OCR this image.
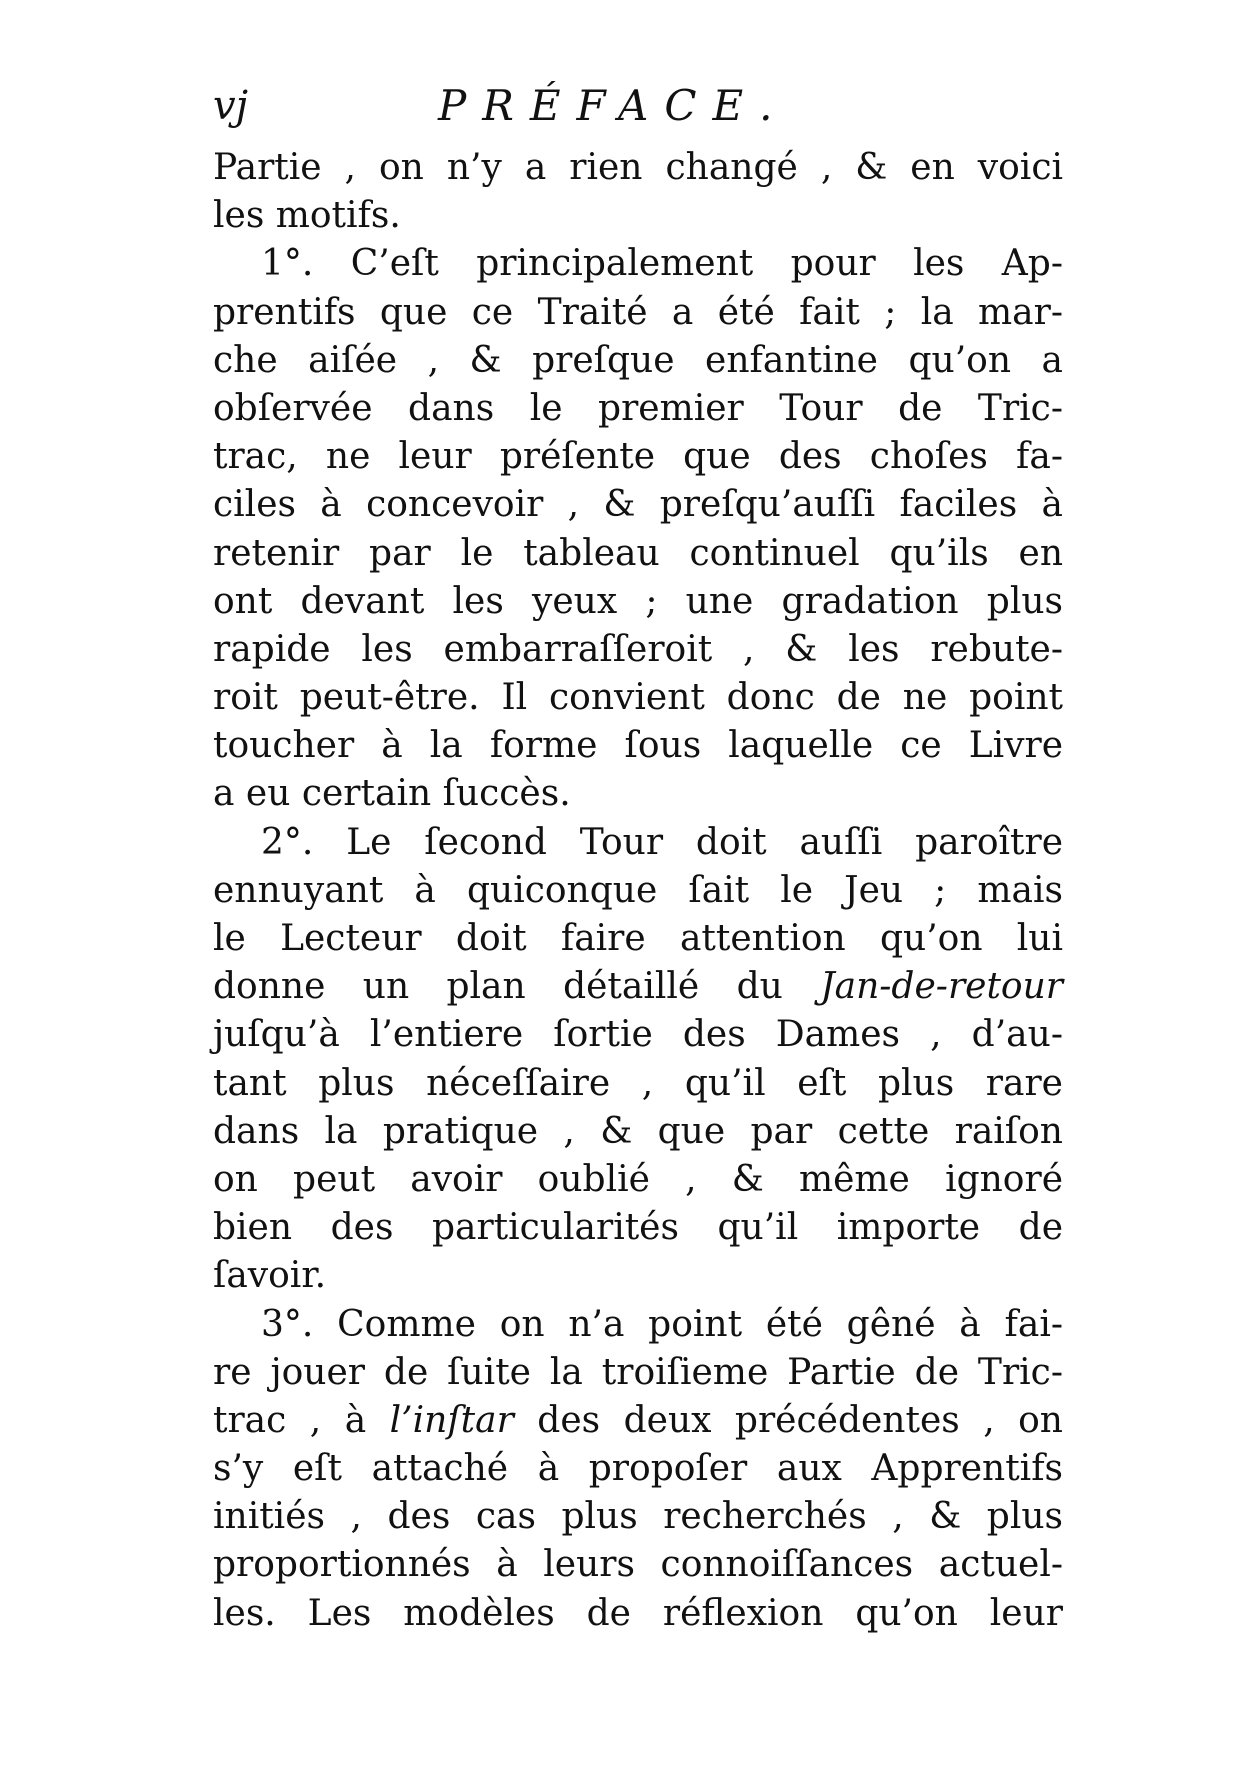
vj	PRÉFACE.
Partie , on n’y a rien changé , & en voici
les motifs.
1°. C’eſt principalement pour les Ap-
prentifs que ce Traité a été fait ; la mar-
che aiſée , & preſque enfantine qu’on a
obſervée dans le premier Tour de Tric-
trac, ne leur préſente que des choſes fa-
ciles à concevoir , & preſqu’auſſi faciles à
retenir par le tableau continuel qu’ils en
ont devant les yeux ; une gradation plus
rapide les embarraſſeroit , & les rebute-
roit peut-être. Il convient donc de ne point
toucher à la forme ſous laquelle ce Livre
a eu certain ſuccès.
2°. Le ſecond Tour doit auſſi paroître
ennuyant à quiconque ſait le Jeu ; mais
le Lecteur doit faire attention qu’on lui
donne un plan détaillé du Jan-de-retour
juſqu’à l’entiere ſortie des Dames , d’au-
tant plus néceſſaire , qu’il eſt plus rare
dans la pratique , & que par cette raiſon
on peut avoir oublié , & même ignoré
bien des particularités qu’il importe de
ſavoir.
3°. Comme on n’a point été gêné à fai-
re jouer de ſuite la troiſieme Partie de Tric-
trac , à l’inſtar des deux précédentes , on
s’y eſt attaché à propoſer aux Apprentifs
initiés , des cas plus recherchés , & plus
proportionnés à leurs connoiſſances actuel-
les. Les modèles de réflexion qu’on leur
